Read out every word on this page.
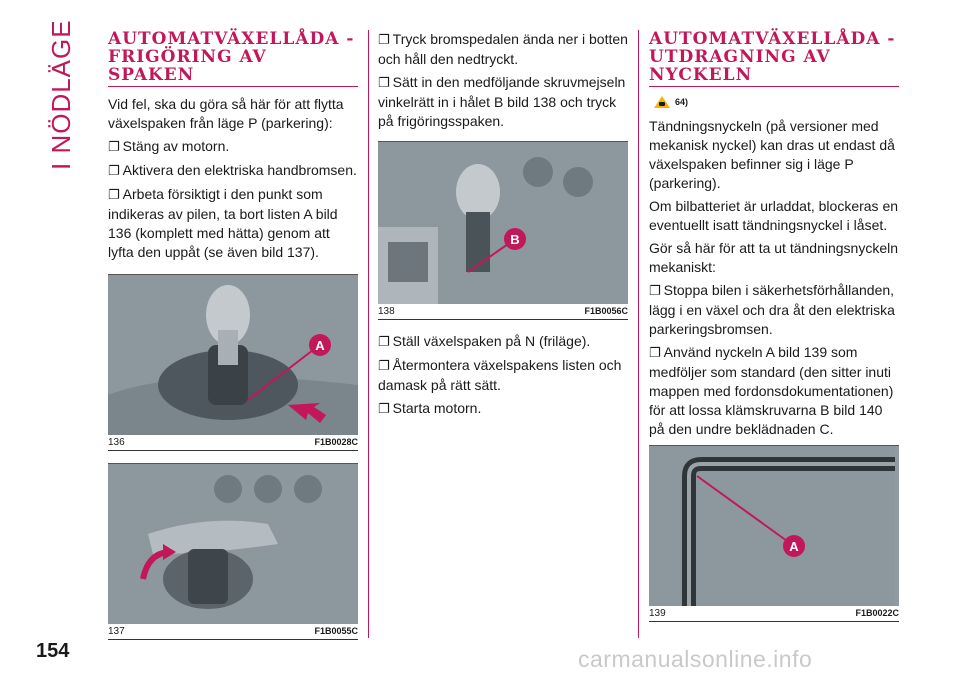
I NÖDLÄGE
154	carmanualsonline.info
AUTOMATVÄXELLÅDA - FRIGÖRING AV SPAKEN

Vid fel, ska du göra så här för att flytta växelspaken från läge P (parkering):

❐ Stäng av motorn.
❐ Aktivera den elektriska handbromsen.
❐ Arbeta försiktigt i den punkt som indikeras av pilen, ta bort listen A bild 136 (komplett med hätta) genom att lyfta den uppåt (se även bild 137).
A
136	F1B0028C
137	F1B0055C
❐ Tryck bromspedalen ända ner i botten och håll den nedtryckt.
❐ Sätt in den medföljande skruvmejseln vinkelrätt in i hålet B bild 138 och tryck på frigöringsspaken.
B
138	F1B0056C
❐ Ställ växelspaken på N (friläge).
❐ Återmontera växelspakens listen och damask på rätt sätt.
❐ Starta motorn.
AUTOMATVÄXELLÅDA - UTDRAGNING AV NYCKELN
64)

Tändningsnyckeln (på versioner med mekanisk nyckel) kan dras ut endast då växelspaken befinner sig i läge P (parkering).

Om bilbatteriet är urladdat, blockeras en eventuellt isatt tändningsnyckel i låset.

Gör så här för att ta ut tändningsnyckeln mekaniskt:

❐ Stoppa bilen i säkerhetsförhållanden, lägg i en växel och dra åt den elektriska parkeringsbromsen.
❐ Använd nyckeln A bild 139 som medföljer som standard (den sitter inuti mappen med fordonsdokumentationen) för att lossa klämskruvarna B bild 140 på den undre beklädnaden C.
A
139	F1B0022C
